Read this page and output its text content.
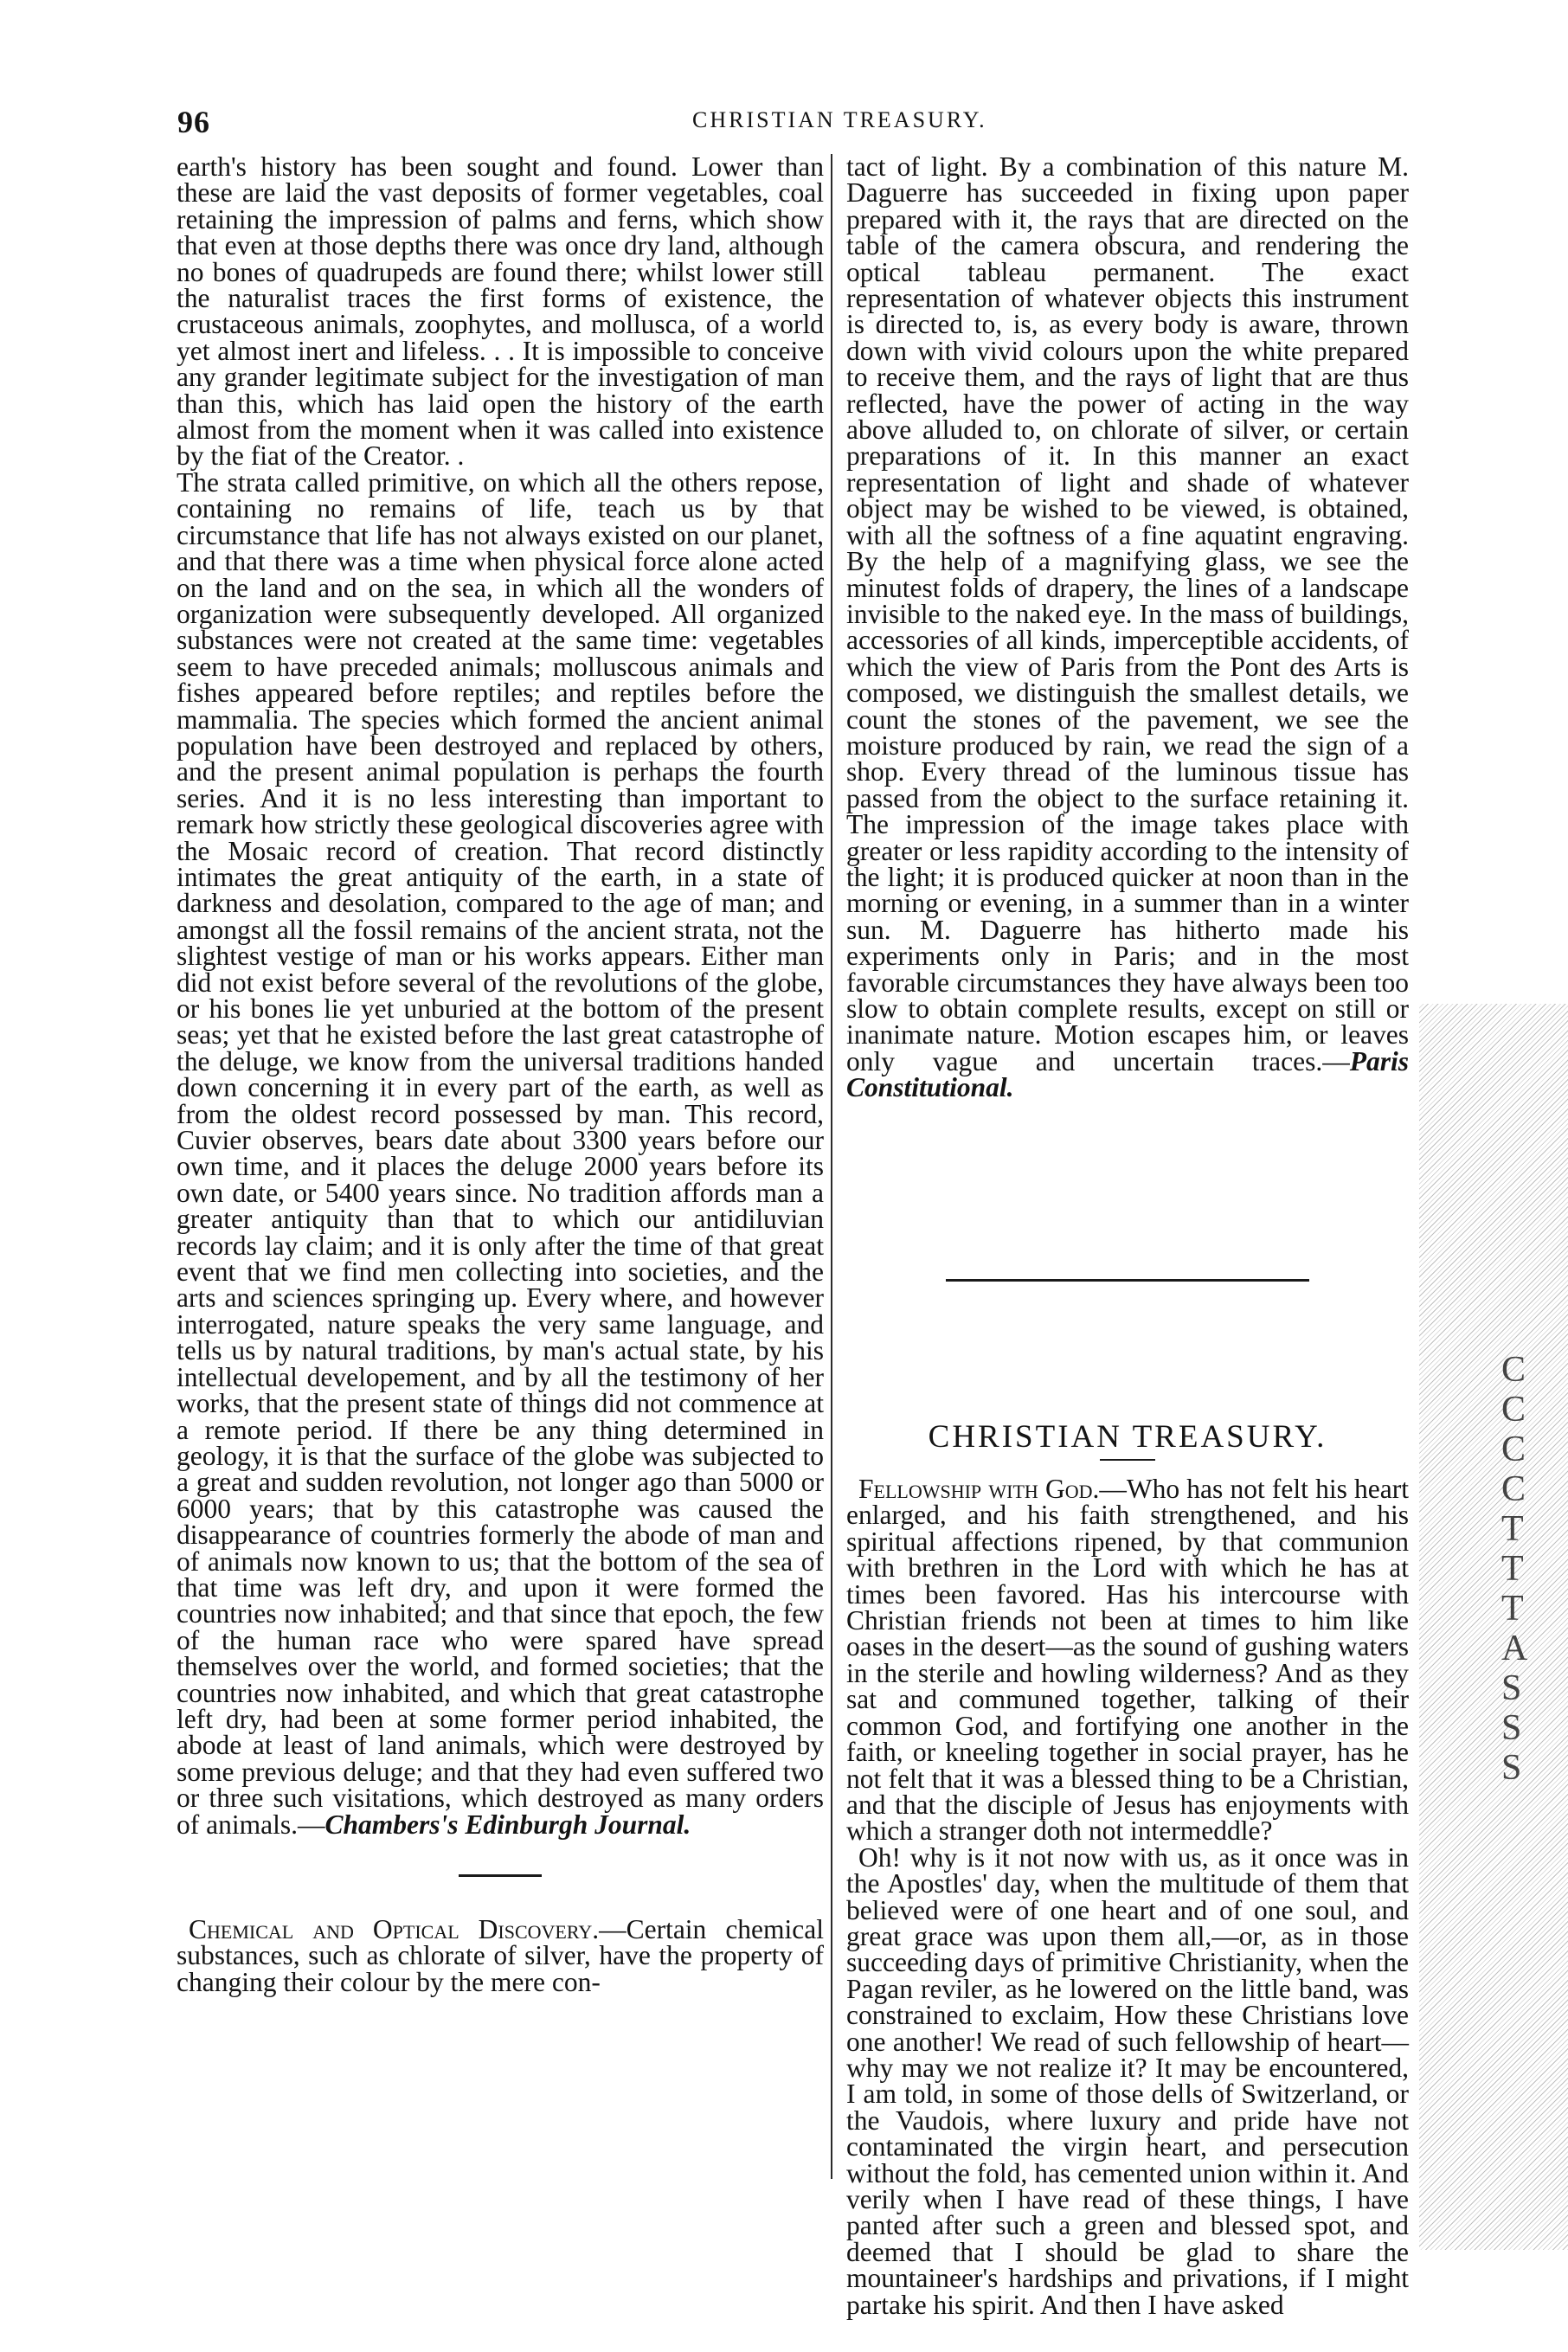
96	CHRISTIAN TREASURY.

earth's history has been sought and found. Lower than these are laid the vast deposits of former vegetables, coal retaining the impression of palms and ferns, which show that even at those depths there was once dry land, although no bones of quadrupeds are found there; whilst lower still the naturalist traces the first forms of existence, the crustaceous animals, zoophytes, and mollusca, of a world yet almost inert and lifeless. . . It is impossible to conceive any grander legitimate subject for the investigation of man than this, which has laid open the history of the earth almost from the moment when it was called into existence by the fiat of the Creator. .

The strata called primitive, on which all the others repose, containing no remains of life, teach us by that circumstance that life has not always existed on our planet, and that there was a time when physical force alone acted on the land and on the sea, in which all the wonders of organization were subsequently developed. All organized substances were not created at the same time: vegetables seem to have preceded animals; molluscous animals and fishes appeared before reptiles; and reptiles before the mammalia. The species which formed the ancient animal population have been destroyed and replaced by others, and the present animal population is perhaps the fourth series. And it is no less interesting than important to remark how strictly these geological discoveries agree with the Mosaic record of creation. That record distinctly intimates the great antiquity of the earth, in a state of darkness and desolation, compared to the age of man; and amongst all the fossil remains of the ancient strata, not the slightest vestige of man or his works appears. Either man did not exist before several of the revolutions of the globe, or his bones lie yet unburied at the bottom of the present seas; yet that he existed before the last great catastrophe of the deluge, we know from the universal traditions handed down concerning it in every part of the earth, as well as from the oldest record possessed by man. This record, Cuvier observes, bears date about 3300 years before our own time, and it places the deluge 2000 years before its own date, or 5400 years since. No tradition affords man a greater antiquity than that to which our antidiluvian records lay claim; and it is only after the time of that great event that we find men collecting into societies, and the arts and sciences springing up. Every where, and however interrogated, nature speaks the very same language, and tells us by natural traditions, by man's actual state, by his intellectual developement, and by all the testimony of her works, that the present state of things did not commence at a remote period. If there be any thing determined in geology, it is that the surface of the globe was subjected to a great and sudden revolution, not longer ago than 5000 or 6000 years; that by this catastrophe was caused the disappearance of countries formerly the abode of man and of animals now known to us; that the bottom of the sea of that time was left dry, and upon it were formed the countries now inhabited; and that since that epoch, the few of the human race who were spared have spread themselves over the world, and formed societies; that the countries now inhabited, and which that great catastrophe left dry, had been at some former period inhabited, the abode at least of land animals, which were destroyed by some previous deluge; and that they had even suffered two or three such visitations, which destroyed as many orders of animals.—Chambers's Edinburgh Journal.

Chemical and Optical Discovery.—Certain chemical substances, such as chlorate of silver, have the property of changing their colour by the mere con-

tact of light. By a combination of this nature M. Daguerre has succeeded in fixing upon paper prepared with it, the rays that are directed on the table of the camera obscura, and rendering the optical tableau permanent. The exact representation of whatever objects this instrument is directed to, is, as every body is aware, thrown down with vivid colours upon the white prepared to receive them, and the rays of light that are thus reflected, have the power of acting in the way above alluded to, on chlorate of silver, or certain preparations of it. In this manner an exact representation of light and shade of whatever object may be wished to be viewed, is obtained, with all the softness of a fine aquatint engraving. By the help of a magnifying glass, we see the minutest folds of drapery, the lines of a landscape invisible to the naked eye. In the mass of buildings, accessories of all kinds, imperceptible accidents, of which the view of Paris from the Pont des Arts is composed, we distinguish the smallest details, we count the stones of the pavement, we see the moisture produced by rain, we read the sign of a shop. Every thread of the luminous tissue has passed from the object to the surface retaining it. The impression of the image takes place with greater or less rapidity according to the intensity of the light; it is produced quicker at noon than in the morning or evening, in a summer than in a winter sun. M. Daguerre has hitherto made his experiments only in Paris; and in the most favorable circumstances they have always been too slow to obtain complete results, except on still or inanimate nature. Motion escapes him, or leaves only vague and uncertain traces.—Paris Constitutional.

CHRISTIAN TREASURY.

Fellowship with God.—Who has not felt his heart enlarged, and his faith strengthened, and his spiritual affections ripened, by that communion with brethren in the Lord with which he has at times been favored. Has his intercourse with Christian friends not been at times to him like oases in the desert—as the sound of gushing waters in the sterile and howling wilderness? And as they sat and communed together, talking of their common God, and fortifying one another in the faith, or kneeling together in social prayer, has he not felt that it was a blessed thing to be a Christian, and that the disciple of Jesus has enjoyments with which a stranger doth not intermeddle?

Oh! why is it not now with us, as it once was in the Apostles' day, when the multitude of them that believed were of one heart and of one soul, and great grace was upon them all,—or, as in those succeeding days of primitive Christianity, when the Pagan reviler, as he lowered on the little band, was constrained to exclaim, How these Christians love one another! We read of such fellowship of heart—why may we not realize it? It may be encountered, I am told, in some of those dells of Switzerland, or the Vaudois, where luxury and pride have not contaminated the virgin heart, and persecution without the fold, has cemented union within it. And verily when I have read of these things, I have panted after such a green and blessed spot, and deemed that I should be glad to share the mountaineer's hardships and privations, if I might partake his spirit. And then I have asked

C
C
C
C
T
T
T
A
S
S
S
